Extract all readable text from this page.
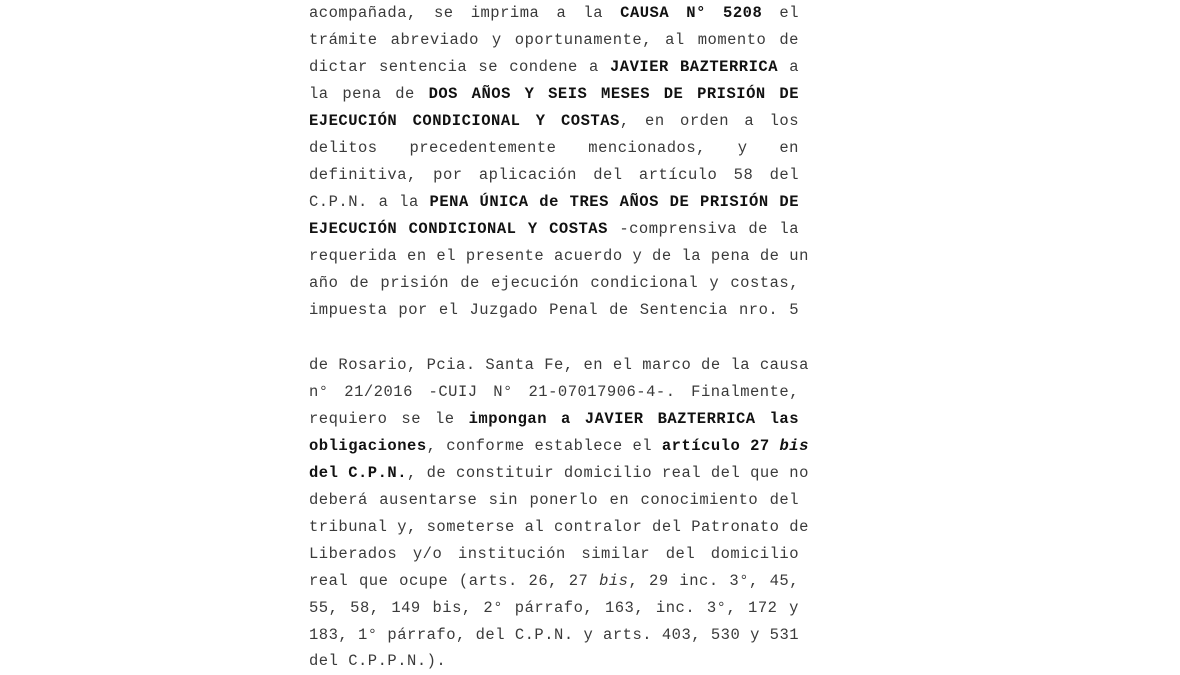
acompañada, se imprima a la CAUSA N° 5208 el
trámite abreviado y oportunamente, al momento de
dictar sentencia se condene a JAVIER BAZTERRICA a
la pena de DOS AÑOS Y SEIS MESES DE PRISIÓN DE
EJECUCIÓN CONDICIONAL Y COSTAS, en orden a los
delitos precedentemente mencionados, y en
definitiva, por aplicación del artículo 58 del
C.P.N. a la PENA ÚNICA de TRES AÑOS DE PRISIÓN DE
EJECUCIÓN CONDICIONAL Y COSTAS -comprensiva de la
requerida en el presente acuerdo y de la pena de un
año de prisión de ejecución condicional y costas,
impuesta por el Juzgado Penal de Sentencia nro. 5
de Rosario, Pcia. Santa Fe, en el marco de la causa
n° 21/2016 -CUIJ N° 21-07017906-4-. Finalmente,
requiero se le impongan a JAVIER BAZTERRICA las
obligaciones, conforme establece el artículo 27 bis
del C.P.N., de constituir domicilio real del que no
deberá ausentarse sin ponerlo en conocimiento del
tribunal y, someterse al contralor del Patronato de
Liberados y/o institución similar del domicilio
real que ocupe (arts. 26, 27 bis, 29 inc. 3°, 45,
55, 58, 149 bis, 2° párrafo, 163, inc. 3°, 172 y
183, 1° párrafo, del C.P.N. y arts. 403, 530 y 531
del C.P.P.N.).
